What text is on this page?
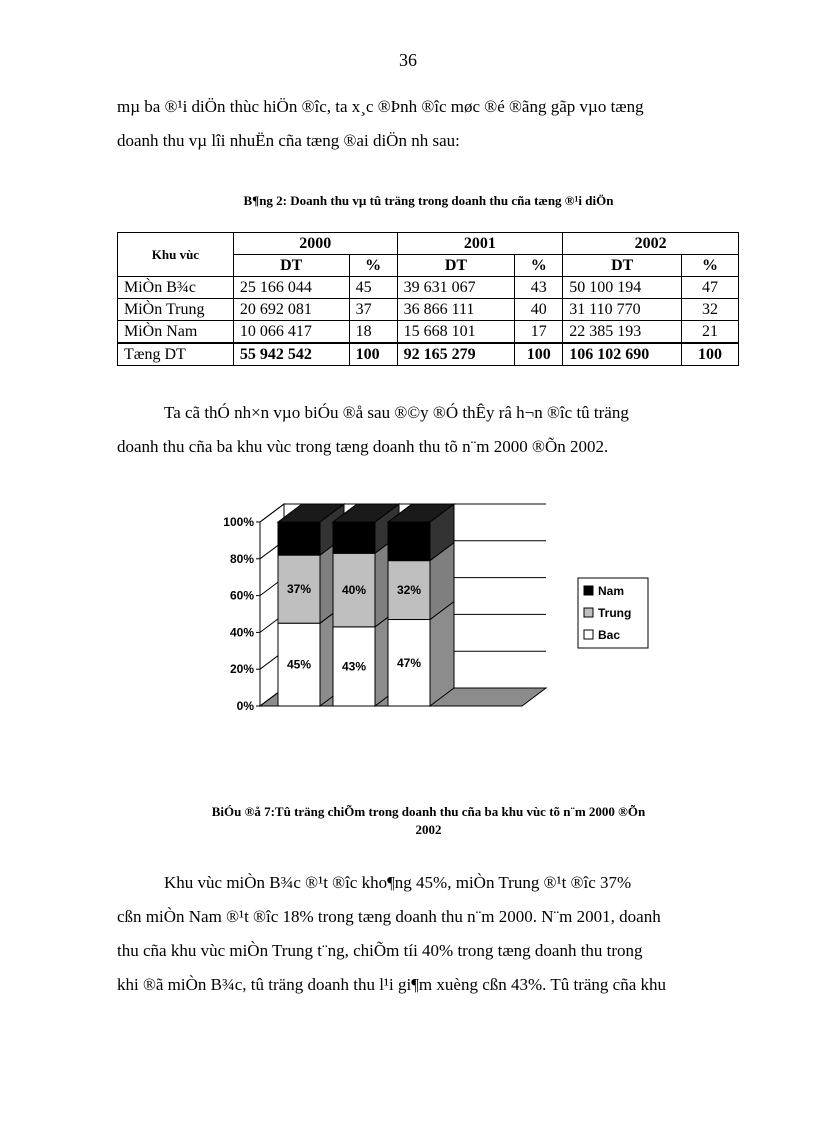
36

mµ ba ®¹i diÖn thùc hiÖn ®îc, ta x¸c ®Þnh ®îc møc ®é ®ãng gãp vµo tæng
doanh thu vµ lîi nhuËn cña tæng ®ai diÖn nh sau:

B¶ng 2: Doanh thu vµ tû träng trong doanh thu cña tæng ®¹i diÖn
Khu vùc	2000		2001		2002	
	DT	%	DT	%	DT	%
MiÒn B¾c	25 166 044	45	39 631 067	43	50 100 194	47
MiÒn Trung	20 692 081	37	36 866 111	40	31 110 770	32
MiÒn Nam	10 066 417	18	15 668 101	17	22 385 193	21
Tæng DT	55 942 542	100	92 165 279	100	106 102 690	100

Ta cã thÓ nh×n vµo biÓu ®å sau ®©y ®Ó thÊy râ h¬n ®îc tû träng
doanh thu cña ba khu vùc trong tæng doanh thu tõ n¨m 2000 ®Õn 2002.

0%
20%
40%
60%
80%
100%
45%
37%
18%
43%
40%
17%
47%
32%
21%
Nam
Trung
Bac
BiÓu ®å 7:Tû träng chiÕm trong doanh thu cña ba khu vùc tõ n¨m 2000 ®Õn
2002

Khu vùc miÒn B¾c ®¹t ®îc kho¶ng 45%, miÒn Trung ®¹t ®îc 37%
cßn miÒn Nam ®¹t ®îc 18% trong tæng doanh thu n¨m 2000. N¨m 2001, doanh
thu cña khu vùc miÒn Trung t¨ng, chiÕm tíi 40% trong tæng doanh thu trong
khi ®ã miÒn B¾c, tû träng doanh thu l¹i gi¶m xuèng cßn 43%. Tû träng cña khu
